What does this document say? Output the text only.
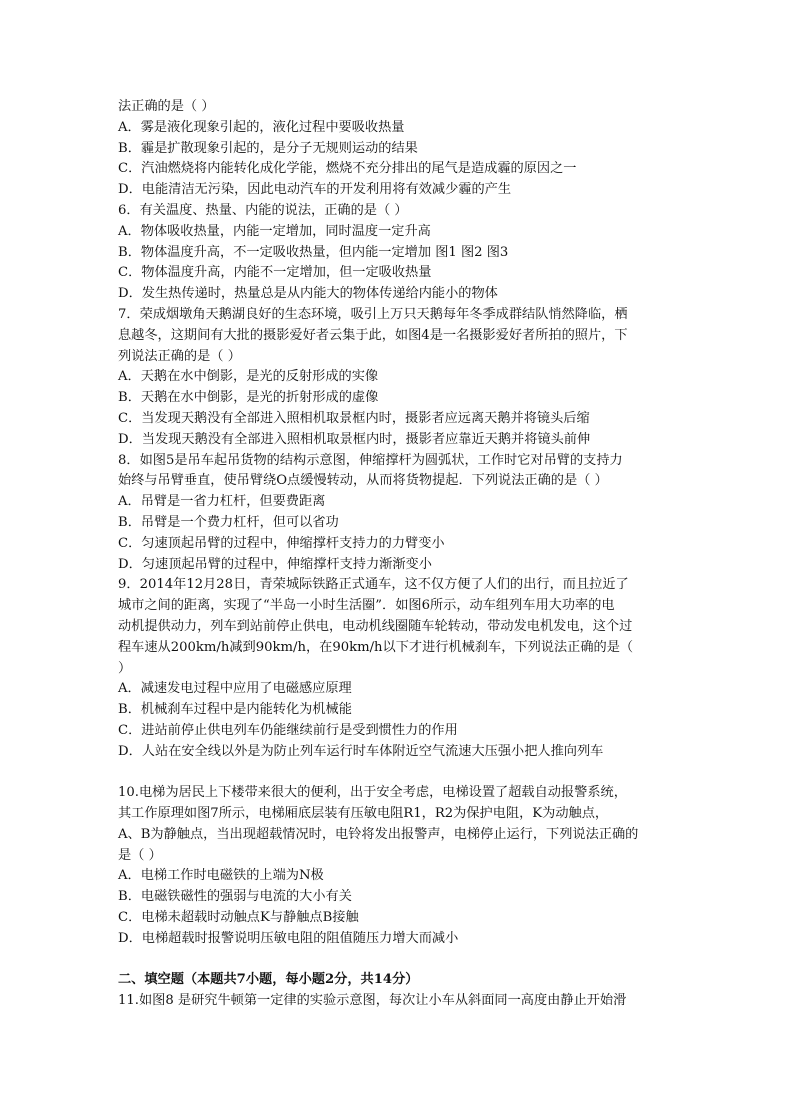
法正确的是（ ）
A．雾是液化现象引起的，液化过程中要吸收热量
B．霾是扩散现象引起的，是分子无规则运动的结果
C．汽油燃烧将内能转化成化学能，燃烧不充分排出的尾气是造成霾的原因之一
D．电能清洁无污染，因此电动汽车的开发利用将有效减少霾的产生
6．有关温度、热量、内能的说法，正确的是（ ）
A．物体吸收热量，内能一定增加，同时温度一定升高
B．物体温度升高，不一定吸收热量，但内能一定增加 图1 图2 图3
C．物体温度升高，内能不一定增加，但一定吸收热量
D．发生热传递时，热量总是从内能大的物体传递给内能小的物体
7．荣成烟墩角天鹅湖良好的生态环境，吸引上万只天鹅每年冬季成群结队悄然降临，栖
息越冬，这期间有大批的摄影爱好者云集于此，如图4是一名摄影爱好者所拍的照片，下
列说法正确的是（ ）
A．天鹅在水中倒影，是光的反射形成的实像
B．天鹅在水中倒影，是光的折射形成的虚像
C．当发现天鹅没有全部进入照相机取景框内时，摄影者应远离天鹅并将镜头后缩
D．当发现天鹅没有全部进入照相机取景框内时，摄影者应靠近天鹅并将镜头前伸
8．如图5是吊车起吊货物的结构示意图，伸缩撑杆为圆弧状，工作时它对吊臂的支持力
始终与吊臂垂直，使吊臂绕O点缓慢转动，从而将货物提起．下列说法正确的是（ ）
A．吊臂是一省力杠杆，但要费距离
B．吊臂是一个费力杠杆，但可以省功
C．匀速顶起吊臂的过程中，伸缩撑杆支持力的力臂变小
D．匀速顶起吊臂的过程中，伸缩撑杆支持力渐渐变小
9．2014年12月28日，青荣城际铁路正式通车，这不仅方便了人们的出行，而且拉近了
城市之间的距离，实现了“半岛一小时生活圈”．如图6所示，动车组列车用大功率的电
动机提供动力，列车到站前停止供电，电动机线圈随车轮转动，带动发电机发电，这个过
程车速从200km/h减到90km/h，在90km/h以下才进行机械刹车，下列说法正确的是（
）
A．减速发电过程中应用了电磁感应原理
B．机械刹车过程中是内能转化为机械能
C．进站前停止供电列车仍能继续前行是受到惯性力的作用
D．人站在安全线以外是为防止列车运行时车体附近空气流速大压强小把人推向列车
10.电梯为居民上下楼带来很大的便利，出于安全考虑，电梯设置了超载自动报警系统，
其工作原理如图7所示，电梯厢底层装有压敏电阻R1，R2为保护电阻，K为动触点，
A、B为静触点，当出现超载情况时，电铃将发出报警声，电梯停止运行，下列说法正确的
是（ ）
A．电梯工作时电磁铁的上端为N极
B．电磁铁磁性的强弱与电流的大小有关
C．电梯未超载时动触点K与静触点B接触
D．电梯超载时报警说明压敏电阻的阻值随压力增大而减小
二、填空题（本题共7小题，每小题2分，共14分）
11.如图8 是研究牛顿第一定律的实验示意图，每次让小车从斜面同一高度由静止开始滑
